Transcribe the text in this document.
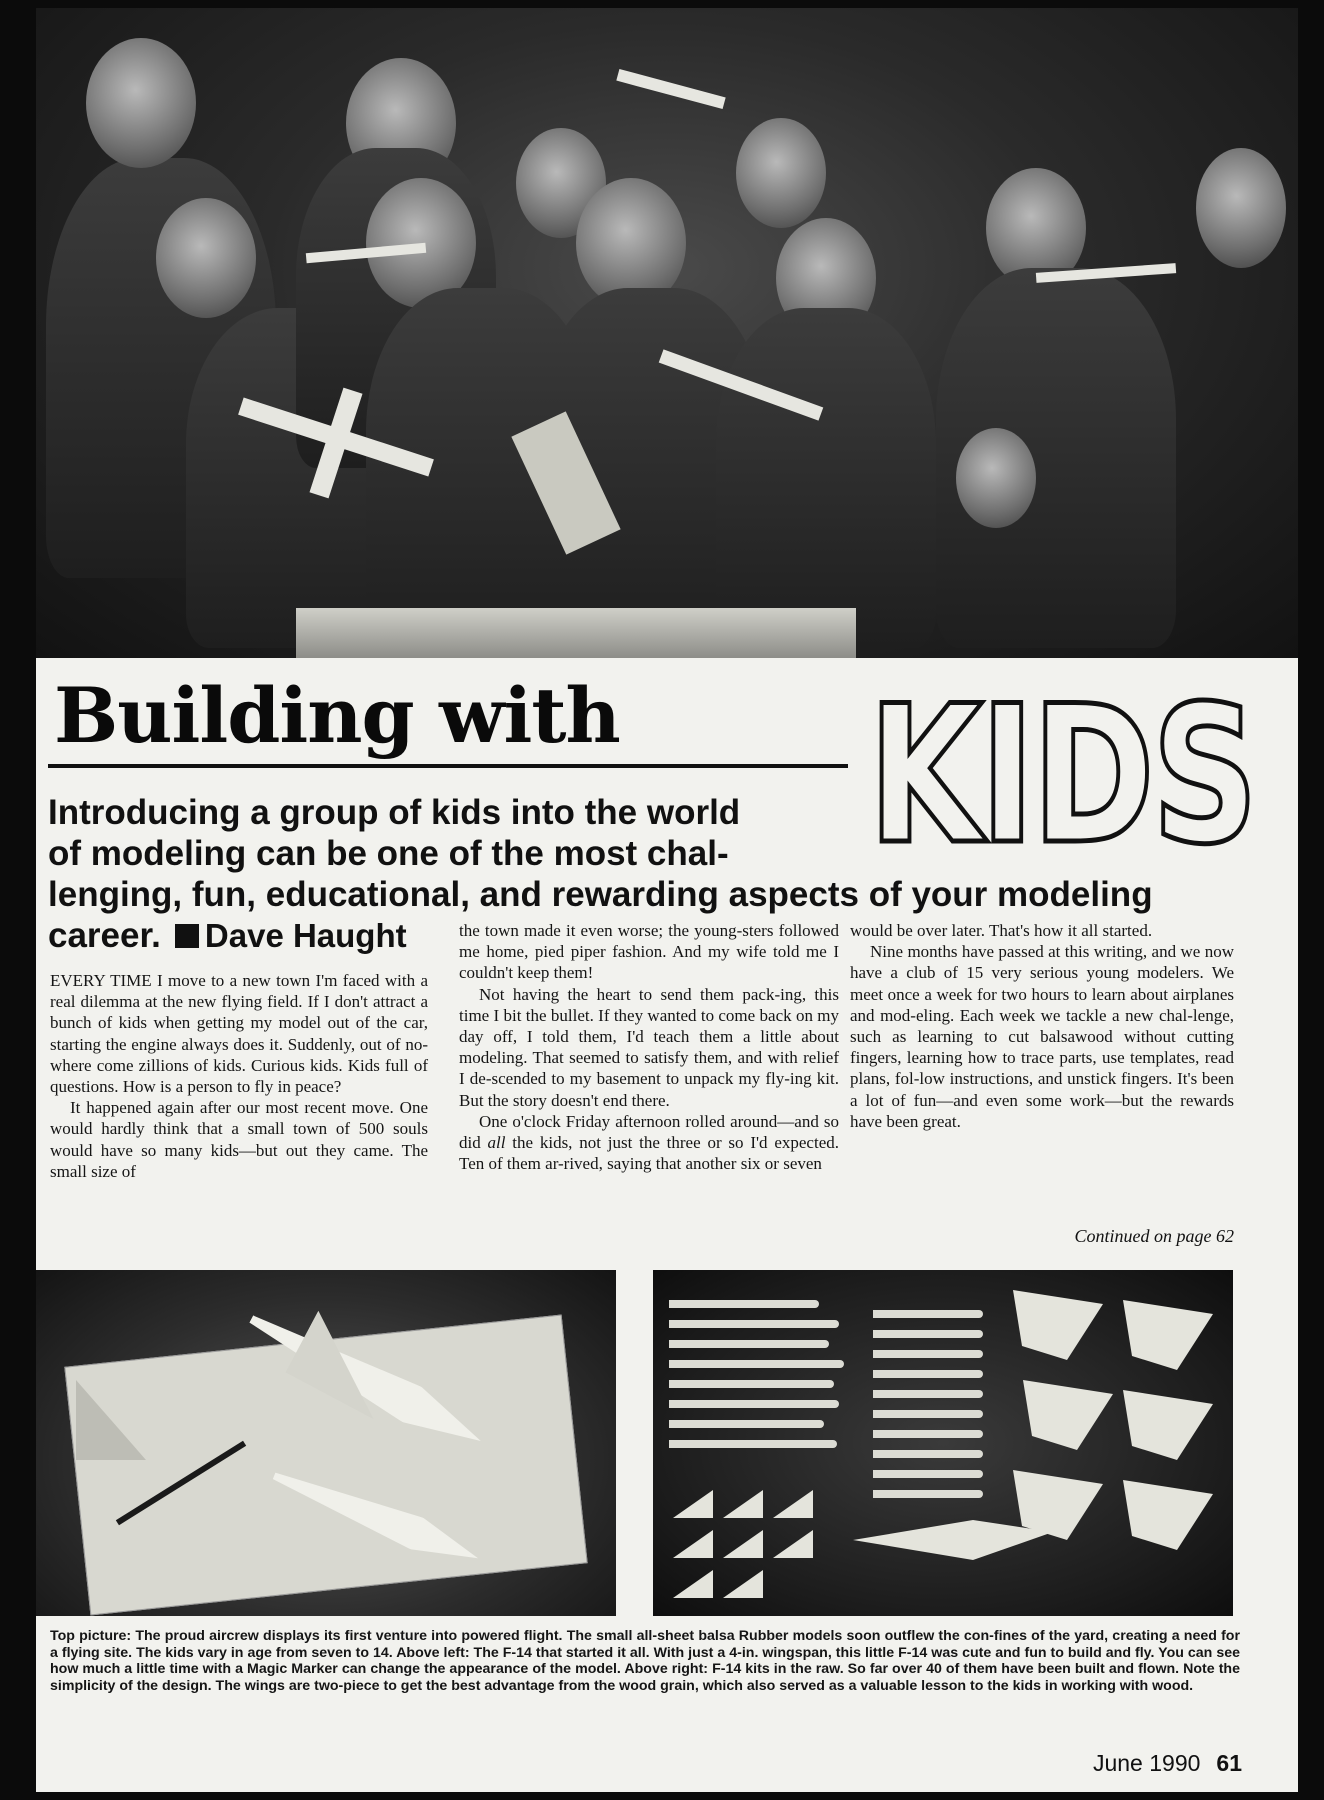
Building with	KIDS
Introducing a group of kids into the world
of modeling can be one of the most chal-
lenging, fun, educational, and rewarding aspects of your modeling
career. Dave Haught

EVERY TIME I move to a new town I'm faced with a real dilemma at the new flying field. If I don't attract a bunch of kids when getting my model out of the car, starting the engine always does it. Suddenly, out of no-where come zillions of kids. Curious kids. Kids full of questions. How is a person to fly in peace?

It happened again after our most recent move. One would hardly think that a small town of 500 souls would have so many kids—but out they came. The small size of

the town made it even worse; the young-sters followed me home, pied piper fashion. And my wife told me I couldn't keep them!

Not having the heart to send them pack-ing, this time I bit the bullet. If they wanted to come back on my day off, I told them, I'd teach them a little about modeling. That seemed to satisfy them, and with relief I de-scended to my basement to unpack my fly-ing kit. But the story doesn't end there.

One o'clock Friday afternoon rolled around—and so did all the kids, not just the three or so I'd expected. Ten of them ar-rived, saying that another six or seven

would be over later. That's how it all started.

Nine months have passed at this writing, and we now have a club of 15 very serious young modelers. We meet once a week for two hours to learn about airplanes and mod-eling. Each week we tackle a new chal-lenge, such as learning to cut balsawood without cutting fingers, learning how to trace parts, use templates, read plans, fol-low instructions, and unstick fingers. It's been a lot of fun—and even some work—but the rewards have been great.

Continued on page 62
Top picture: The proud aircrew displays its first venture into powered flight. The small all-sheet balsa Rubber models soon outflew the con-fines of the yard, creating a need for a flying site. The kids vary in age from seven to 14. Above left: The F-14 that started it all. With just a 4-in. wingspan, this little F-14 was cute and fun to build and fly. You can see how much a little time with a Magic Marker can change the appearance of the model. Above right: F-14 kits in the raw. So far over 40 of them have been built and flown. Note the simplicity of the design. The wings are two-piece to get the best advantage from the wood grain, which also served as a valuable lesson to the kids in working with wood.
June 1990 61
